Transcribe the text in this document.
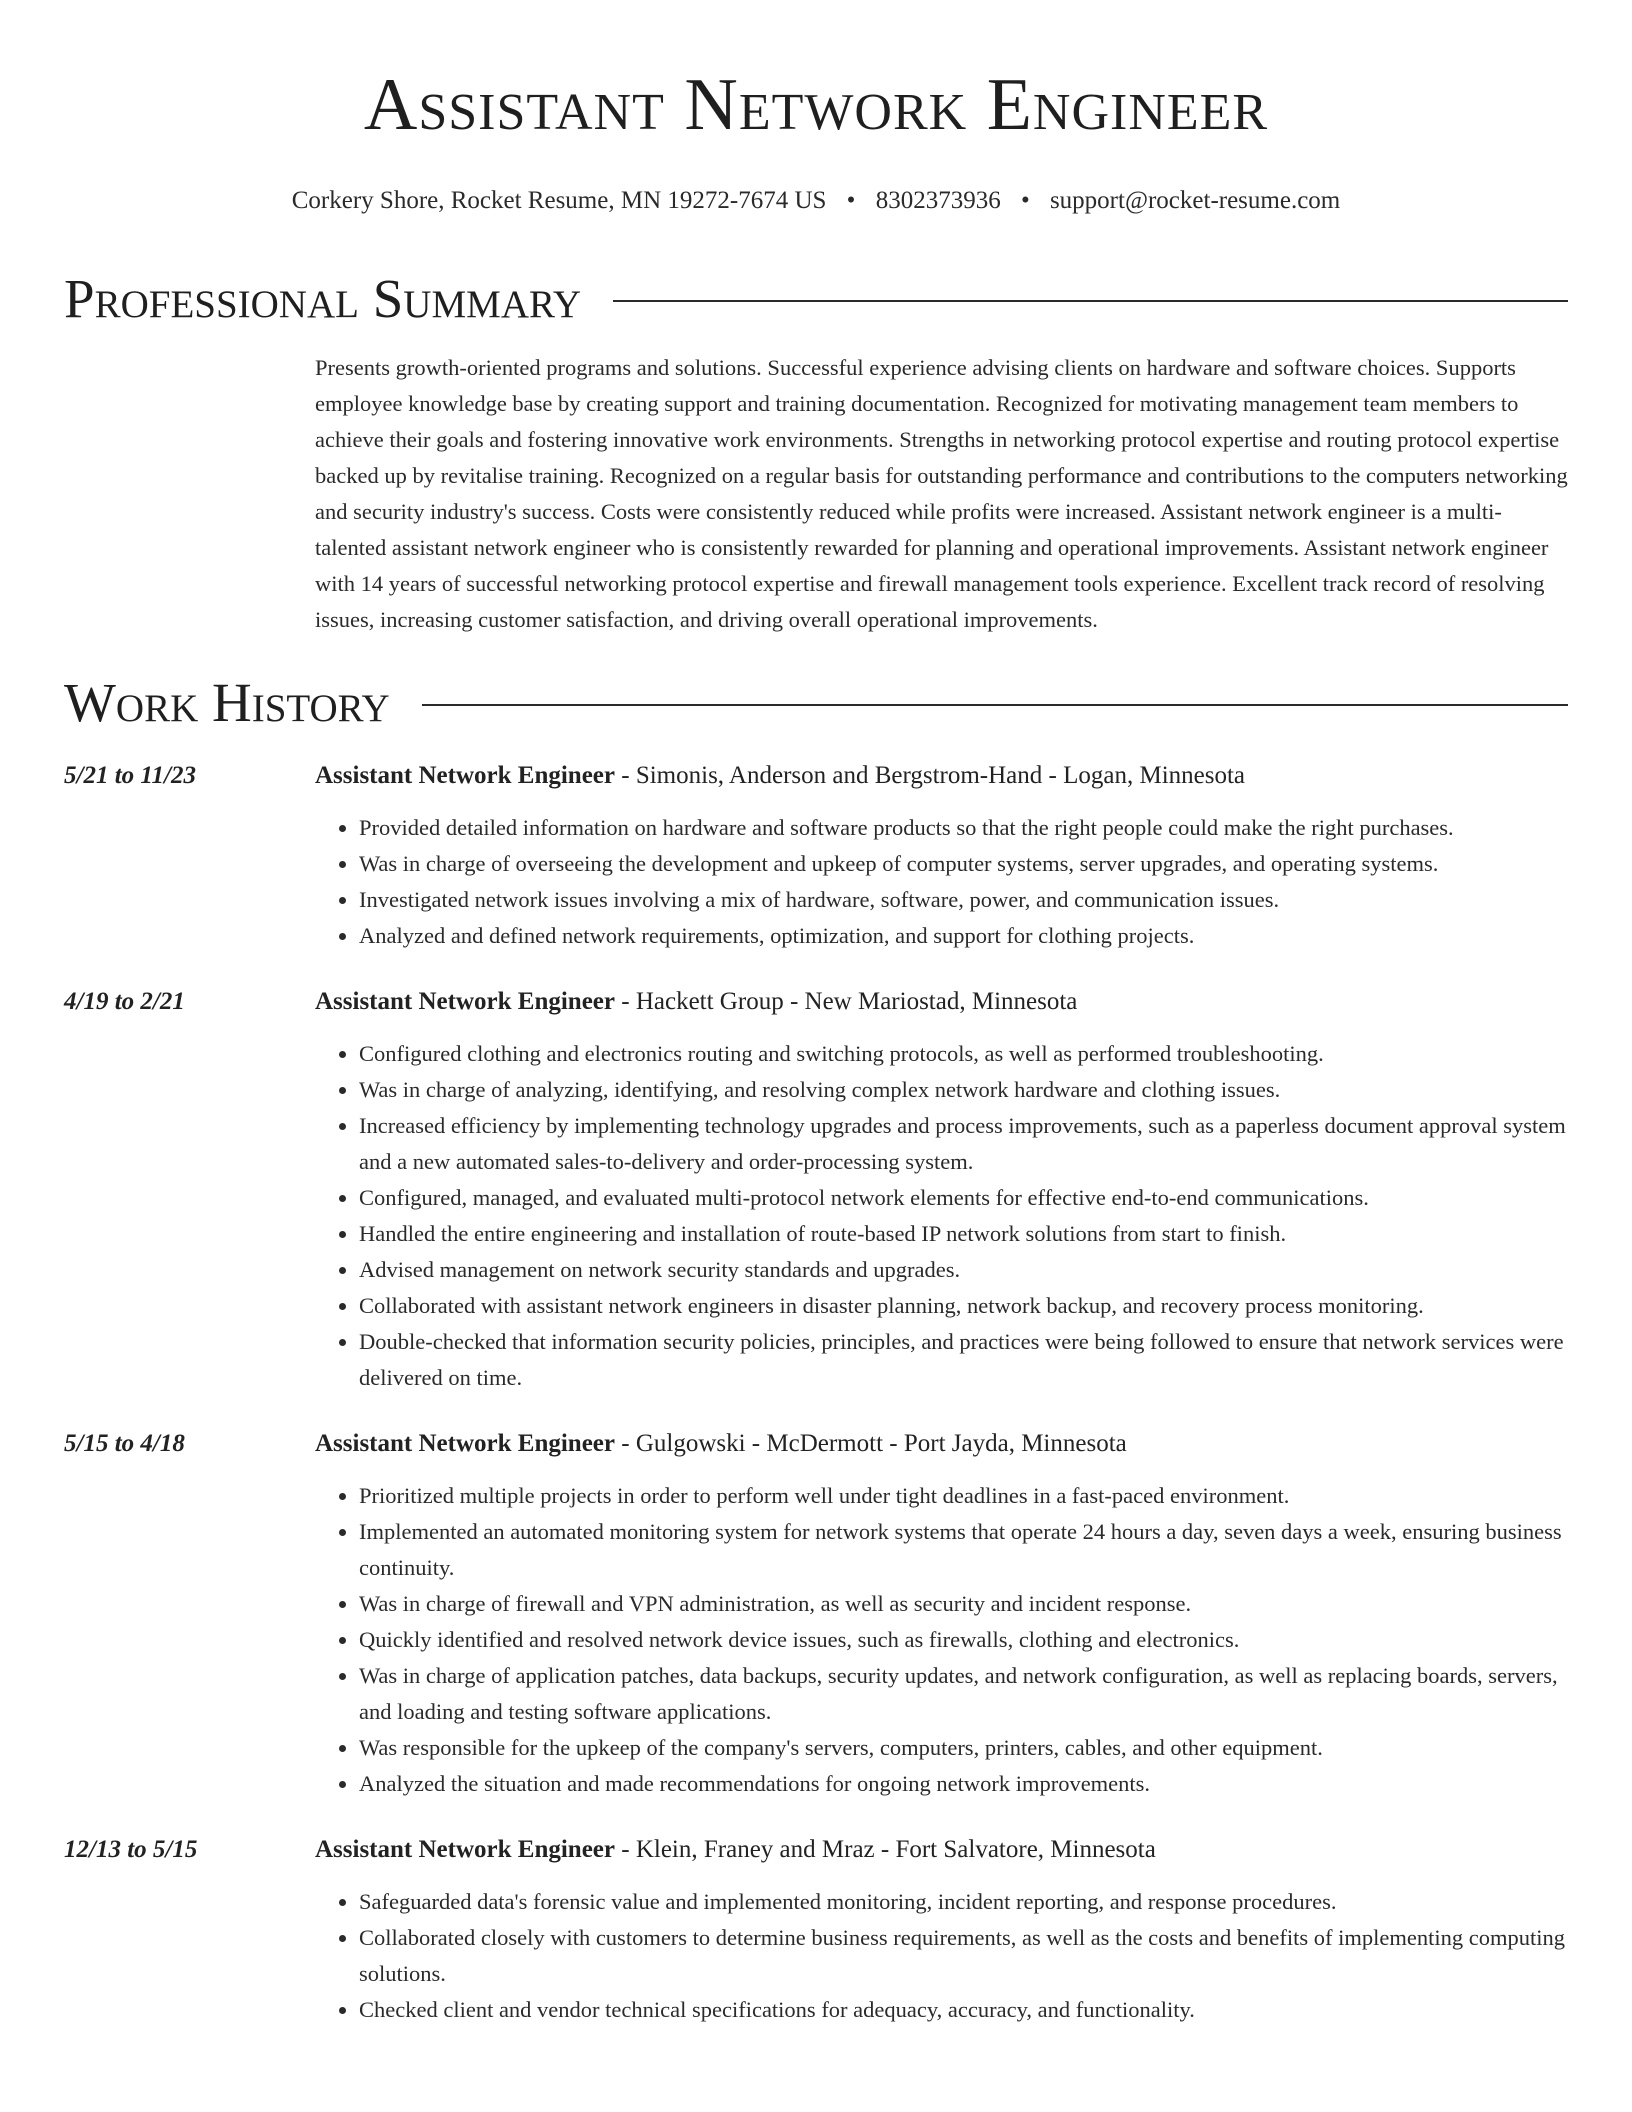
Assistant Network Engineer
Corkery Shore, Rocket Resume, MN 19272-7674 US • 8302373936 • support@rocket-resume.com
Professional Summary

Presents growth-oriented programs and solutions. Successful experience advising clients on hardware and software choices. Supports employee knowledge base by creating support and training documentation. Recognized for motivating management team members to achieve their goals and fostering innovative work environments. Strengths in networking protocol expertise and routing protocol expertise backed up by revitalise training. Recognized on a regular basis for outstanding performance and contributions to the computers networking and security industry's success. Costs were consistently reduced while profits were increased. Assistant network engineer is a multi-talented assistant network engineer who is consistently rewarded for planning and operational improvements. Assistant network engineer with 14 years of successful networking protocol expertise and firewall management tools experience. Excellent track record of resolving issues, increasing customer satisfaction, and driving overall operational improvements.

Work History
5/21 to 11/23	Assistant Network Engineer - Simonis, Anderson and Bergstrom-Hand - Logan, Minnesota

• Provided detailed information on hardware and software products so that the right people could make the right purchases.
• Was in charge of overseeing the development and upkeep of computer systems, server upgrades, and operating systems.
• Investigated network issues involving a mix of hardware, software, power, and communication issues.
• Analyzed and defined network requirements, optimization, and support for clothing projects.
4/19 to 2/21	Assistant Network Engineer - Hackett Group - New Mariostad, Minnesota

• Configured clothing and electronics routing and switching protocols, as well as performed troubleshooting.
• Was in charge of analyzing, identifying, and resolving complex network hardware and clothing issues.
• Increased efficiency by implementing technology upgrades and process improvements, such as a paperless document approval system and a new automated sales-to-delivery and order-processing system.
• Configured, managed, and evaluated multi-protocol network elements for effective end-to-end communications.
• Handled the entire engineering and installation of route-based IP network solutions from start to finish.
• Advised management on network security standards and upgrades.
• Collaborated with assistant network engineers in disaster planning, network backup, and recovery process monitoring.
• Double-checked that information security policies, principles, and practices were being followed to ensure that network services were delivered on time.
5/15 to 4/18	Assistant Network Engineer - Gulgowski - McDermott - Port Jayda, Minnesota

• Prioritized multiple projects in order to perform well under tight deadlines in a fast-paced environment.
• Implemented an automated monitoring system for network systems that operate 24 hours a day, seven days a week, ensuring business continuity.
• Was in charge of firewall and VPN administration, as well as security and incident response.
• Quickly identified and resolved network device issues, such as firewalls, clothing and electronics.
• Was in charge of application patches, data backups, security updates, and network configuration, as well as replacing boards, servers, and loading and testing software applications.
• Was responsible for the upkeep of the company's servers, computers, printers, cables, and other equipment.
• Analyzed the situation and made recommendations for ongoing network improvements.
12/13 to 5/15	Assistant Network Engineer - Klein, Franey and Mraz - Fort Salvatore, Minnesota

• Safeguarded data's forensic value and implemented monitoring, incident reporting, and response procedures.
• Collaborated closely with customers to determine business requirements, as well as the costs and benefits of implementing computing solutions.
• Checked client and vendor technical specifications for adequacy, accuracy, and functionality.
